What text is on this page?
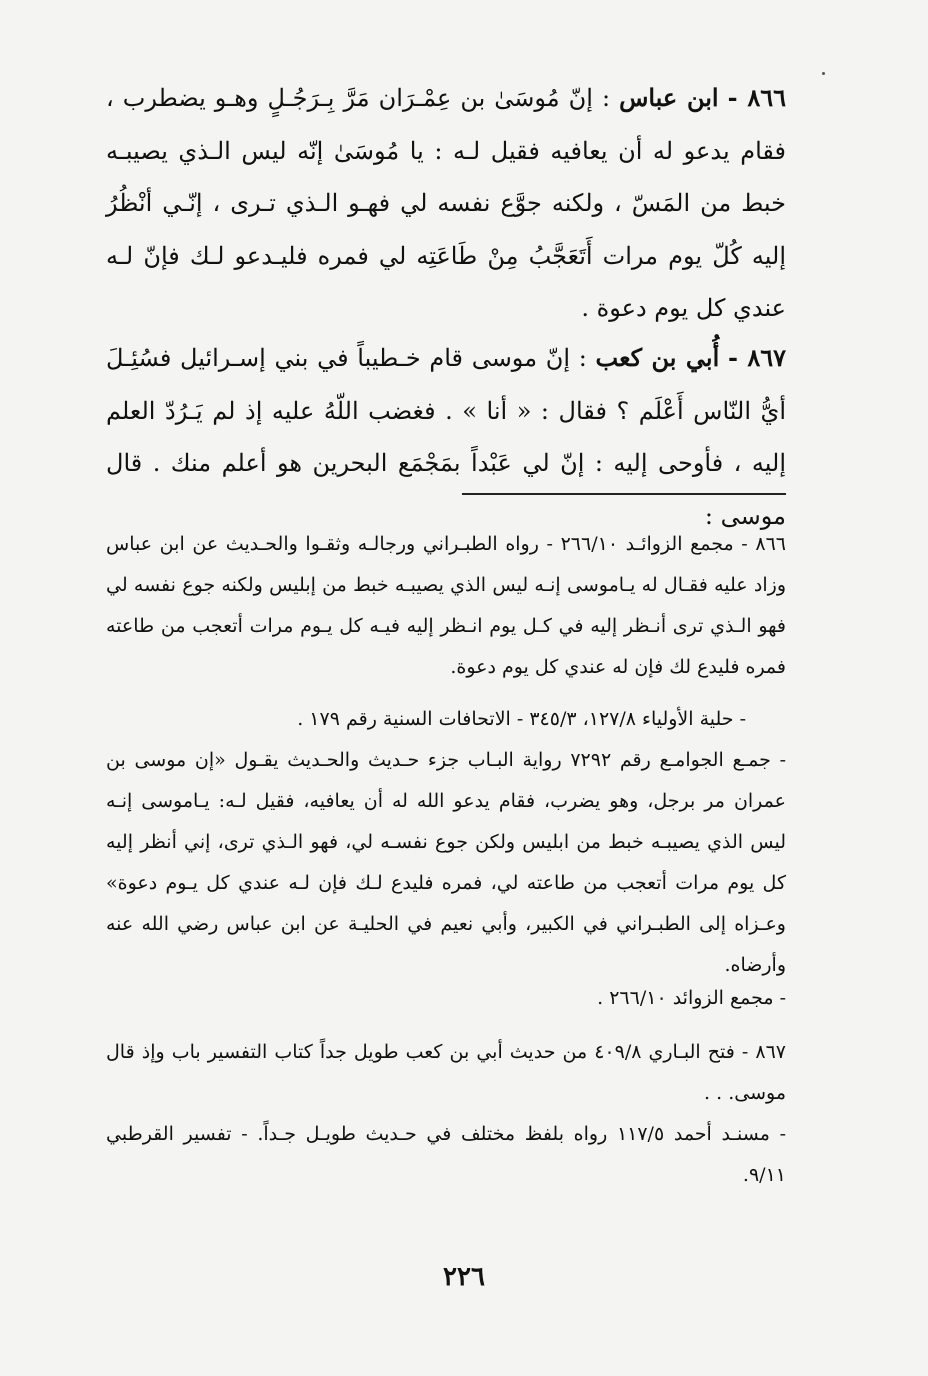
٨٦٦ - ابن عباس : إنّ مُوسَىٰ بن عِمْـرَان مَرَّ بِـرَجُـلٍ وهـو يضطرب ، فقام يدعو له أن يعافيه فقيل لـه : يا مُوسَىٰ إنّه ليس الـذي يصيبـه خبط من المَسّ ، ولكنه جوَّع نفسه لي فهـو الـذي تـرى ، إنّـي أنْظُرُ إليه كُلّ يوم مرات أَتَعَجَّبُ مِنْ طَاعَتِه لي فمره فليـدعو لـك فإنّ لـه عندي كل يوم دعوة .
٨٦٧ - أُبي بن كعب : إنّ موسى قام خـطيباً في بني إسـرائيل فسُئِـلَ أيُّ النّاس أَعْلَم ؟ فقال : « أنا » . فغضب اللّهُ عليه إذ لم يَـرُدّ العلم إليه ، فأوحى إليه : إنّ لي عَبْداً بمَجْمَع البحرين هو أعلم منك . قال موسى :
٨٦٦ - مجمع الزوائـد ٢٦٦/١٠ - رواه الطبـراني ورجالـه وثقـوا والحـديث عن ابن عباس وزاد عليه فقـال له يـاموسى إنـه ليس الذي يصيبـه خبط من إبليس ولكنه جوع نفسه لي فهو الـذي ترى أنـظر إليه في كـل يوم انـظر إليه فيـه كل يـوم مرات أتعجب من طاعته فمره فليدع لك فإن له عندي كل يوم دعوة.
- حلية الأولياء ١٢٧/٨، ٣٤٥/٣ - الاتحافات السنية رقم ١٧٩ .
- جمـع الجوامـع رقم ٧٢٩٢ رواية البـاب جزء حـديث والحـديث يقـول «إن موسى بن عمران مر برجل، وهو يضرب، فقام يدعو الله له أن يعافيه، فقيل لـه: يـاموسى إنـه ليس الذي يصيبـه خبط من ابليس ولكن جوع نفسـه لي، فهو الـذي ترى، إني أنظر إليه كل يوم مرات أتعجب من طاعته لي، فمره فليدع لـك فإن لـه عندي كل يـوم دعوة» وعـزاه إلى الطبـراني في الكبير، وأبي نعيم في الحليـة عن ابن عباس رضي الله عنه وأرضاه.
- مجمع الزوائد ٢٦٦/١٠ .
٨٦٧ - فتح البـاري ٤٠٩/٨ من حديث أبي بن كعب طويل جداً كتاب التفسير باب وإذ قال موسى. . .
- مسنـد أحمد ١١٧/٥ رواه بلفظ مختلف في حـديث طويـل جـداً. - تفسير القرطبي ٩/١١.
٢٢٦
